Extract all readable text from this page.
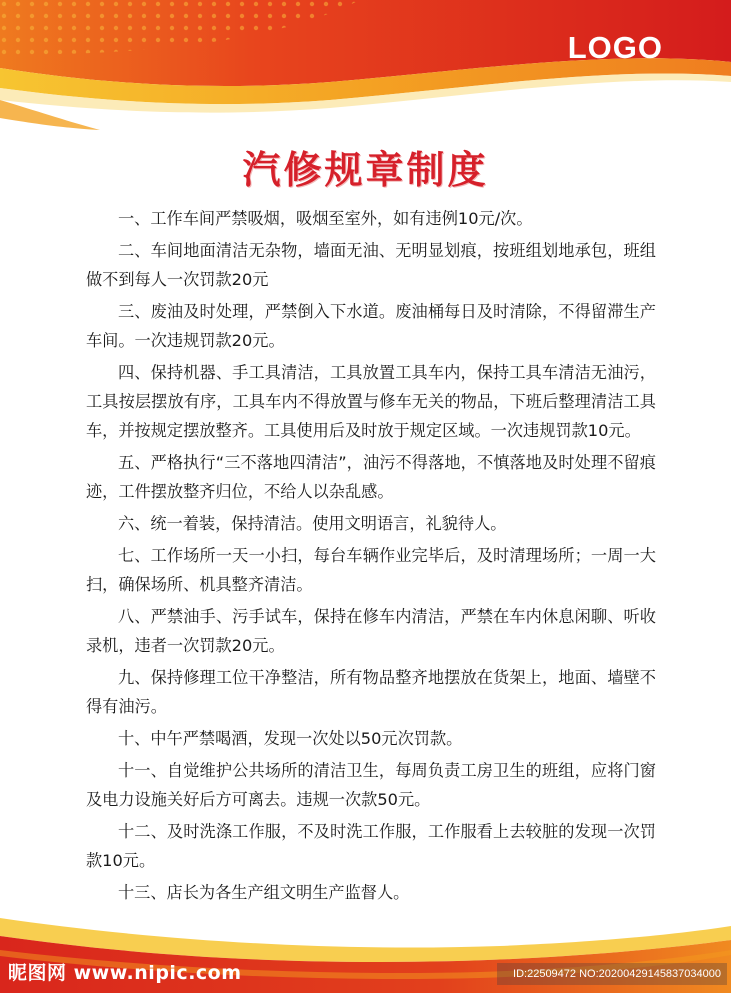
LOGO
汽修规章制度
一、工作车间严禁吸烟，吸烟至室外，如有违例10元/次。
二、车间地面清洁无杂物，墙面无油、无明显划痕，按班组划地承包，班组做不到每人一次罚款20元
三、废油及时处理，严禁倒入下水道。废油桶每日及时清除，不得留滞生产车间。一次违规罚款20元。
四、保持机器、手工具清洁，工具放置工具车内，保持工具车清洁无油污，工具按层摆放有序，工具车内不得放置与修车无关的物品，下班后整理清洁工具车，并按规定摆放整齐。工具使用后及时放于规定区域。一次违规罚款10元。
五、严格执行“三不落地四清洁”，油污不得落地，不慎落地及时处理不留痕迹，工件摆放整齐归位，不给人以杂乱感。
六、统一着装，保持清洁。使用文明语言，礼貌待人。
七、工作场所一天一小扫，每台车辆作业完毕后，及时清理场所；一周一大扫，确保场所、机具整齐清洁。
八、严禁油手、污手试车，保持在修车内清洁，严禁在车内休息闲聊、听收录机，违者一次罚款20元。
九、保持修理工位干净整洁，所有物品整齐地摆放在货架上，地面、墙壁不得有油污。
十、中午严禁喝酒，发现一次处以50元次罚款。
十一、自觉维护公共场所的清洁卫生，每周负责工房卫生的班组，应将门窗及电力设施关好后方可离去。违规一次款50元。
十二、及时洗涤工作服，不及时洗工作服，工作服看上去较脏的发现一次罚款10元。
十三、店长为各生产组文明生产监督人。
昵图网 www.nipic.com	ID:22509472 NO:20200429145837034000
